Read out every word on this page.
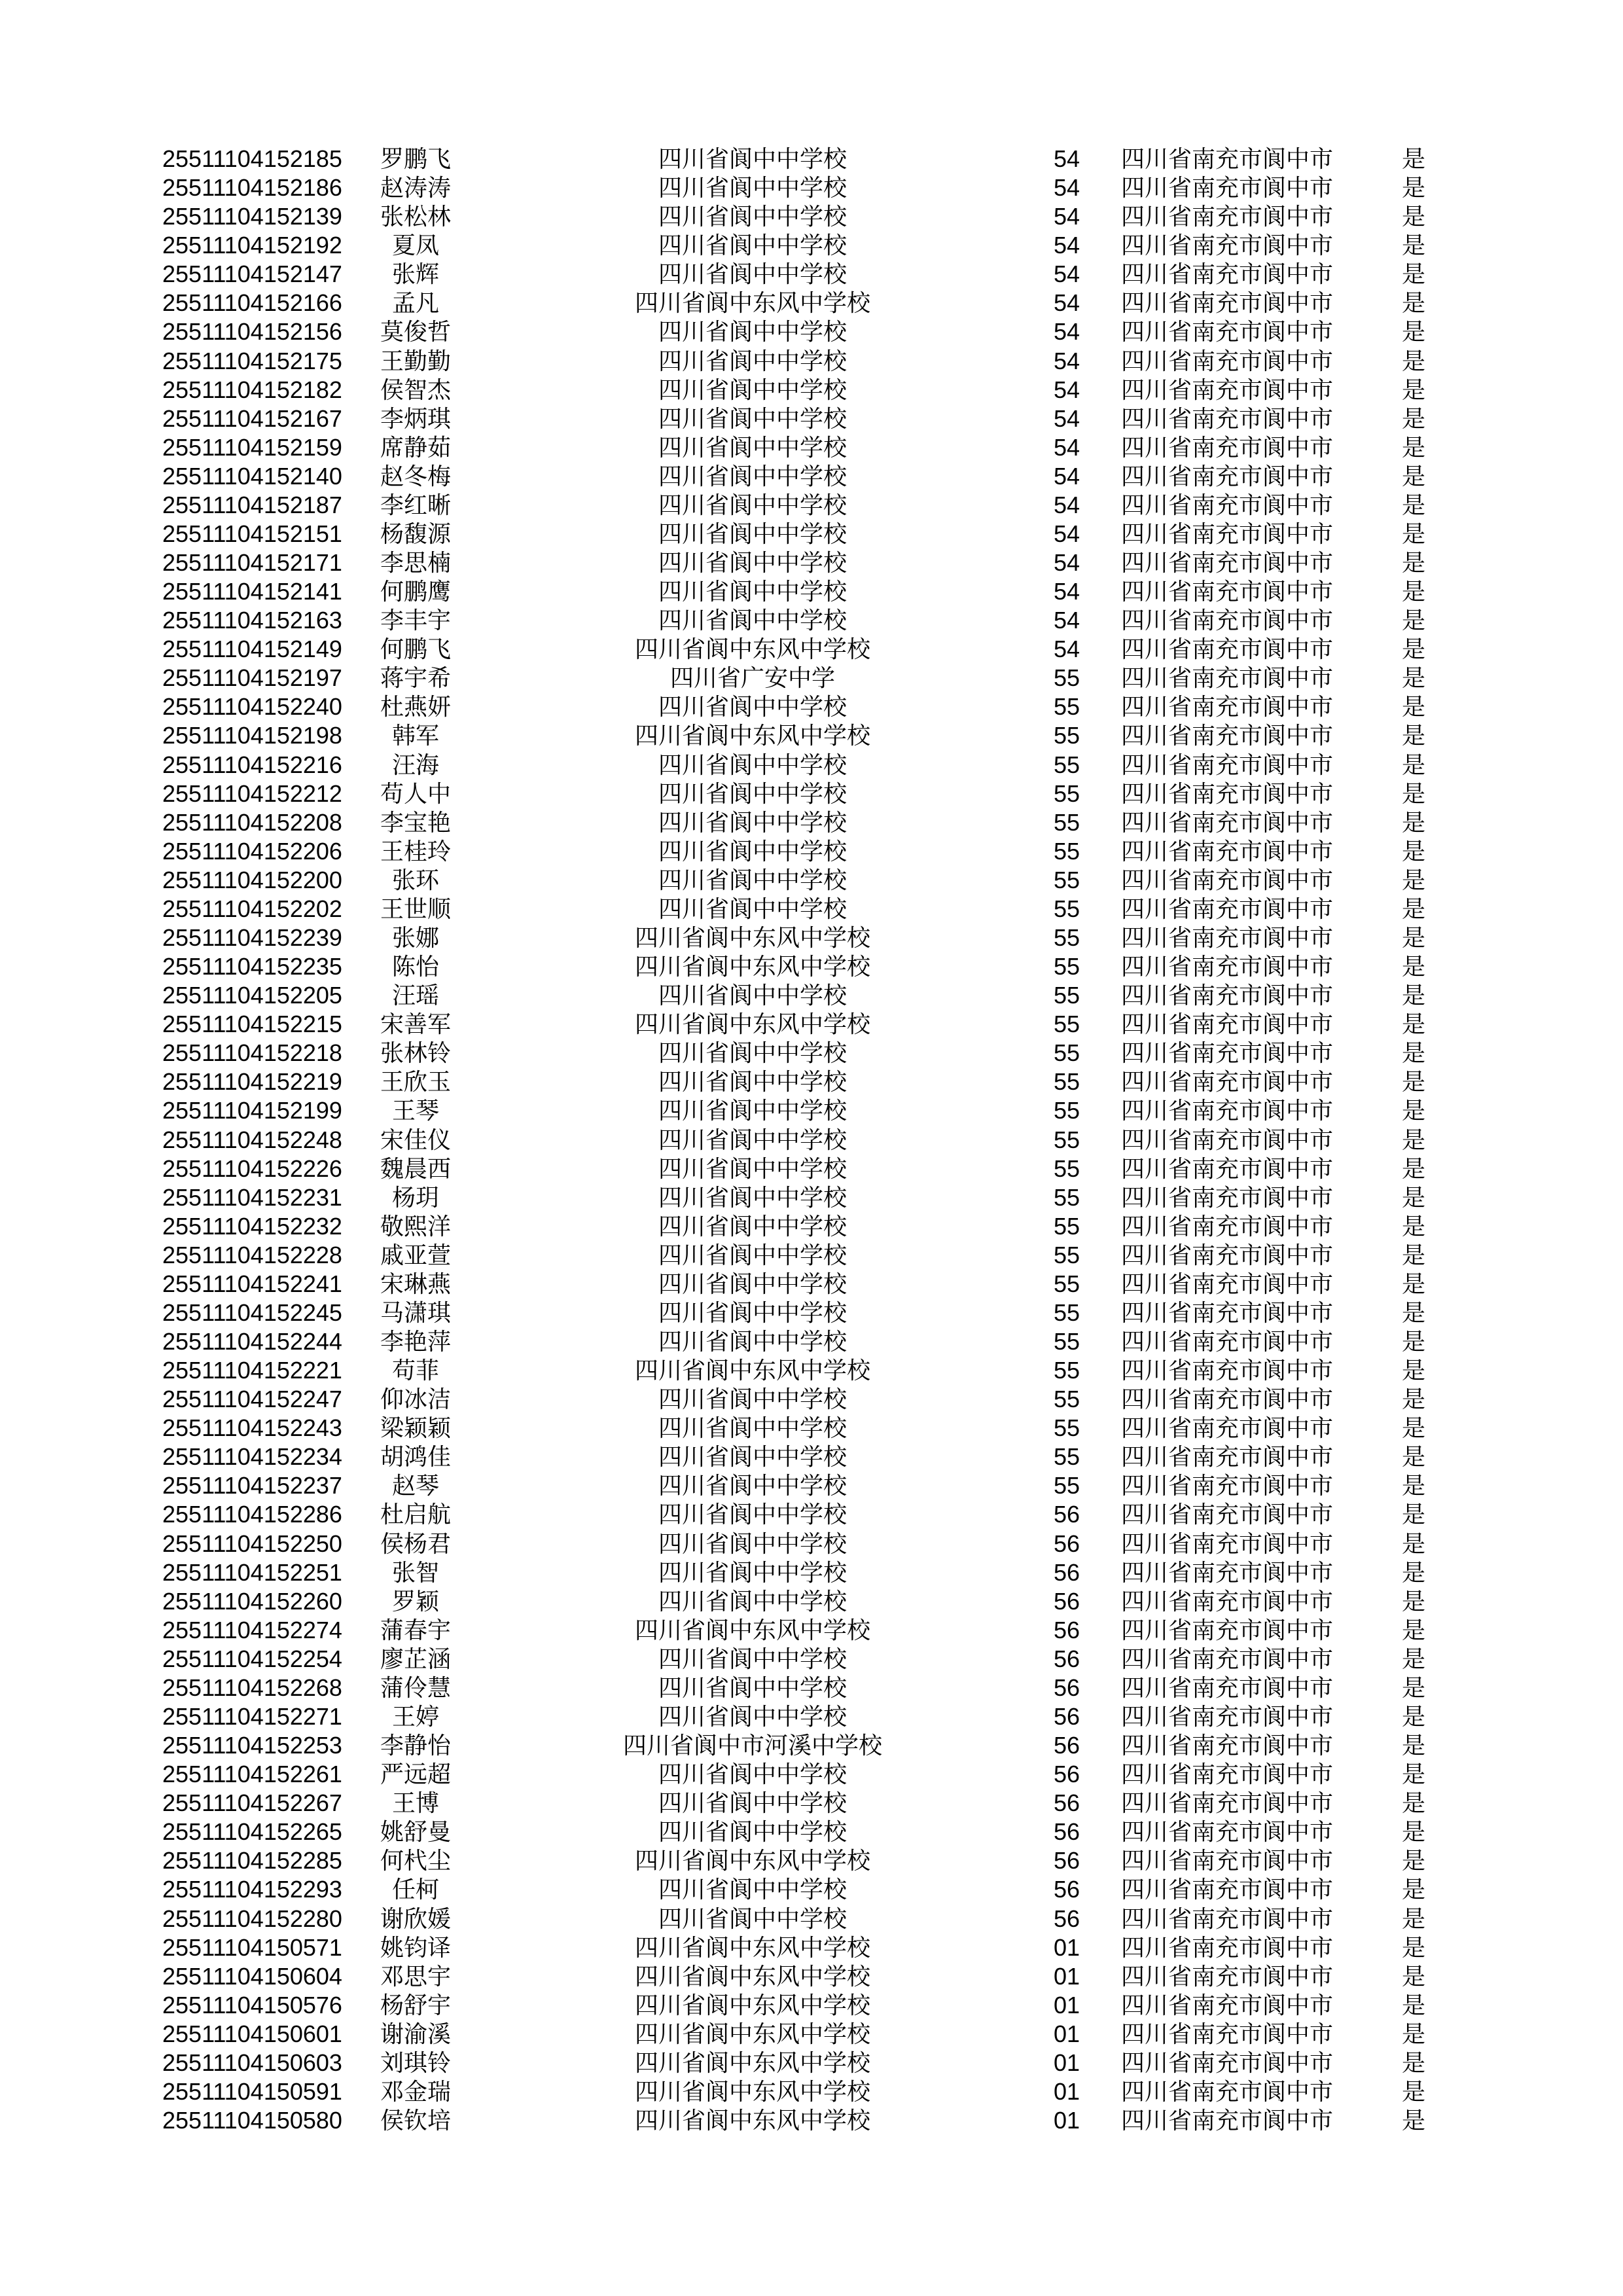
25511104152185	罗鹏飞	四川省阆中中学校	54	四川省南充市阆中市	是
25511104152186	赵涛涛	四川省阆中中学校	54	四川省南充市阆中市	是
25511104152139	张松林	四川省阆中中学校	54	四川省南充市阆中市	是
25511104152192	夏凤	四川省阆中中学校	54	四川省南充市阆中市	是
25511104152147	张辉	四川省阆中中学校	54	四川省南充市阆中市	是
25511104152166	孟凡	四川省阆中东风中学校	54	四川省南充市阆中市	是
25511104152156	莫俊哲	四川省阆中中学校	54	四川省南充市阆中市	是
25511104152175	王勤勤	四川省阆中中学校	54	四川省南充市阆中市	是
25511104152182	侯智杰	四川省阆中中学校	54	四川省南充市阆中市	是
25511104152167	李炳琪	四川省阆中中学校	54	四川省南充市阆中市	是
25511104152159	席静茹	四川省阆中中学校	54	四川省南充市阆中市	是
25511104152140	赵冬梅	四川省阆中中学校	54	四川省南充市阆中市	是
25511104152187	李红晰	四川省阆中中学校	54	四川省南充市阆中市	是
25511104152151	杨馥源	四川省阆中中学校	54	四川省南充市阆中市	是
25511104152171	李思楠	四川省阆中中学校	54	四川省南充市阆中市	是
25511104152141	何鹏鹰	四川省阆中中学校	54	四川省南充市阆中市	是
25511104152163	李丰宇	四川省阆中中学校	54	四川省南充市阆中市	是
25511104152149	何鹏飞	四川省阆中东风中学校	54	四川省南充市阆中市	是
25511104152197	蒋宇希	四川省广安中学	55	四川省南充市阆中市	是
25511104152240	杜燕妍	四川省阆中中学校	55	四川省南充市阆中市	是
25511104152198	韩军	四川省阆中东风中学校	55	四川省南充市阆中市	是
25511104152216	汪海	四川省阆中中学校	55	四川省南充市阆中市	是
25511104152212	苟人中	四川省阆中中学校	55	四川省南充市阆中市	是
25511104152208	李宝艳	四川省阆中中学校	55	四川省南充市阆中市	是
25511104152206	王桂玲	四川省阆中中学校	55	四川省南充市阆中市	是
25511104152200	张环	四川省阆中中学校	55	四川省南充市阆中市	是
25511104152202	王世顺	四川省阆中中学校	55	四川省南充市阆中市	是
25511104152239	张娜	四川省阆中东风中学校	55	四川省南充市阆中市	是
25511104152235	陈怡	四川省阆中东风中学校	55	四川省南充市阆中市	是
25511104152205	汪瑶	四川省阆中中学校	55	四川省南充市阆中市	是
25511104152215	宋善军	四川省阆中东风中学校	55	四川省南充市阆中市	是
25511104152218	张林铃	四川省阆中中学校	55	四川省南充市阆中市	是
25511104152219	王欣玉	四川省阆中中学校	55	四川省南充市阆中市	是
25511104152199	王琴	四川省阆中中学校	55	四川省南充市阆中市	是
25511104152248	宋佳仪	四川省阆中中学校	55	四川省南充市阆中市	是
25511104152226	魏晨西	四川省阆中中学校	55	四川省南充市阆中市	是
25511104152231	杨玥	四川省阆中中学校	55	四川省南充市阆中市	是
25511104152232	敬熙洋	四川省阆中中学校	55	四川省南充市阆中市	是
25511104152228	戚亚萱	四川省阆中中学校	55	四川省南充市阆中市	是
25511104152241	宋琳燕	四川省阆中中学校	55	四川省南充市阆中市	是
25511104152245	马潇琪	四川省阆中中学校	55	四川省南充市阆中市	是
25511104152244	李艳萍	四川省阆中中学校	55	四川省南充市阆中市	是
25511104152221	苟菲	四川省阆中东风中学校	55	四川省南充市阆中市	是
25511104152247	仰冰洁	四川省阆中中学校	55	四川省南充市阆中市	是
25511104152243	梁颖颖	四川省阆中中学校	55	四川省南充市阆中市	是
25511104152234	胡鸿佳	四川省阆中中学校	55	四川省南充市阆中市	是
25511104152237	赵琴	四川省阆中中学校	55	四川省南充市阆中市	是
25511104152286	杜启航	四川省阆中中学校	56	四川省南充市阆中市	是
25511104152250	侯杨君	四川省阆中中学校	56	四川省南充市阆中市	是
25511104152251	张智	四川省阆中中学校	56	四川省南充市阆中市	是
25511104152260	罗颖	四川省阆中中学校	56	四川省南充市阆中市	是
25511104152274	蒲春宇	四川省阆中东风中学校	56	四川省南充市阆中市	是
25511104152254	廖芷涵	四川省阆中中学校	56	四川省南充市阆中市	是
25511104152268	蒲伶慧	四川省阆中中学校	56	四川省南充市阆中市	是
25511104152271	王婷	四川省阆中中学校	56	四川省南充市阆中市	是
25511104152253	李静怡	四川省阆中市河溪中学校	56	四川省南充市阆中市	是
25511104152261	严远超	四川省阆中中学校	56	四川省南充市阆中市	是
25511104152267	王博	四川省阆中中学校	56	四川省南充市阆中市	是
25511104152265	姚舒曼	四川省阆中中学校	56	四川省南充市阆中市	是
25511104152285	何杙尘	四川省阆中东风中学校	56	四川省南充市阆中市	是
25511104152293	任柯	四川省阆中中学校	56	四川省南充市阆中市	是
25511104152280	谢欣媛	四川省阆中中学校	56	四川省南充市阆中市	是
25511104150571	姚钧译	四川省阆中东风中学校	01	四川省南充市阆中市	是
25511104150604	邓思宇	四川省阆中东风中学校	01	四川省南充市阆中市	是
25511104150576	杨舒宇	四川省阆中东风中学校	01	四川省南充市阆中市	是
25511104150601	谢渝溪	四川省阆中东风中学校	01	四川省南充市阆中市	是
25511104150603	刘琪铃	四川省阆中东风中学校	01	四川省南充市阆中市	是
25511104150591	邓金瑞	四川省阆中东风中学校	01	四川省南充市阆中市	是
25511104150580	侯钦培	四川省阆中东风中学校	01	四川省南充市阆中市	是
